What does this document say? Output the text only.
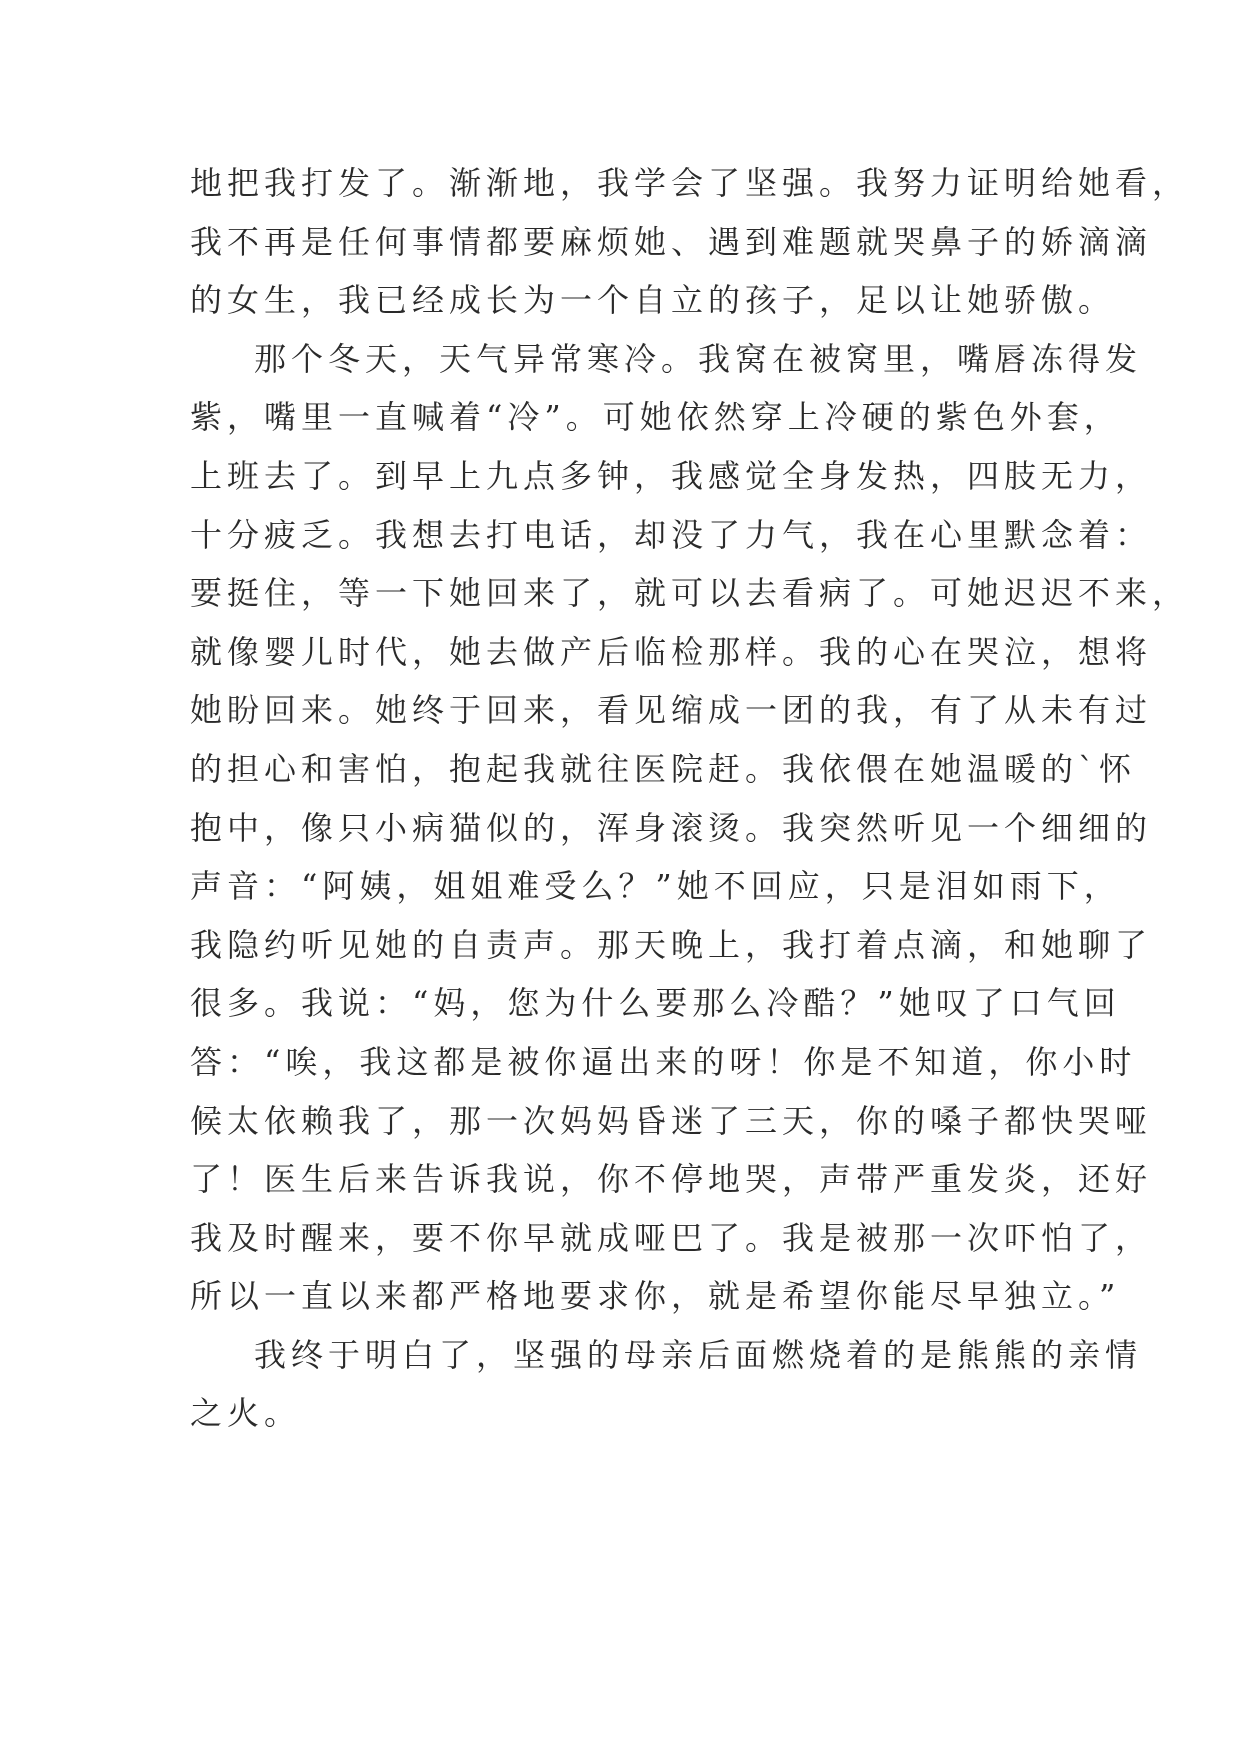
地把我打发了。渐渐地，我学会了坚强。我努力证明给她看，
我不再是任何事情都要麻烦她、遇到难题就哭鼻子的娇滴滴
的女生，我已经成长为一个自立的孩子，足以让她骄傲。
那个冬天，天气异常寒冷。我窝在被窝里，嘴唇冻得发
紫，嘴里一直喊着“冷”。可她依然穿上冷硬的紫色外套，
上班去了。到早上九点多钟，我感觉全身发热，四肢无力，
十分疲乏。我想去打电话，却没了力气，我在心里默念着：
要挺住，等一下她回来了，就可以去看病了。可她迟迟不来，
就像婴儿时代，她去做产后临检那样。我的心在哭泣，想将
她盼回来。她终于回来，看见缩成一团的我，有了从未有过
的担心和害怕，抱起我就往医院赶。我依偎在她温暖的`怀
抱中，像只小病猫似的，浑身滚烫。我突然听见一个细细的
声音：“阿姨，姐姐难受么？”她不回应，只是泪如雨下，
我隐约听见她的自责声。那天晚上，我打着点滴，和她聊了
很多。我说：“妈，您为什么要那么冷酷？”她叹了口气回
答：“唉，我这都是被你逼出来的呀！你是不知道，你小时
候太依赖我了，那一次妈妈昏迷了三天，你的嗓子都快哭哑
了！医生后来告诉我说，你不停地哭，声带严重发炎，还好
我及时醒来，要不你早就成哑巴了。我是被那一次吓怕了，
所以一直以来都严格地要求你，就是希望你能尽早独立。”
我终于明白了，坚强的母亲后面燃烧着的是熊熊的亲情
之火。
